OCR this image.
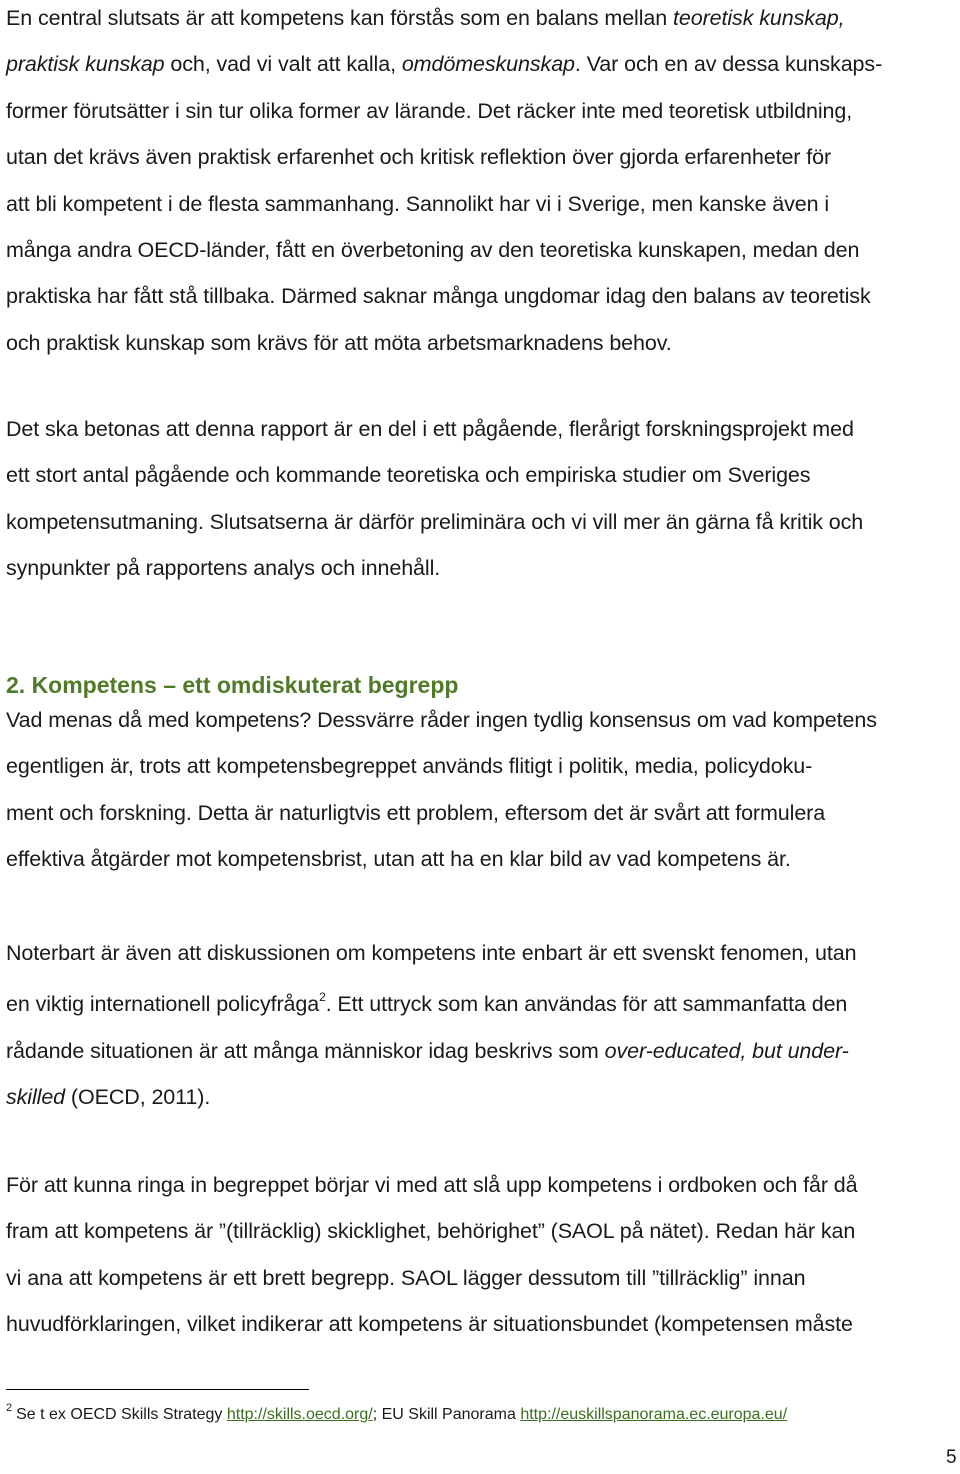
En central slutsats är att kompetens kan förstås som en balans mellan teoretisk kunskap,
praktisk kunskap och, vad vi valt att kalla, omdömeskunskap. Var och en av dessa kunskaps-
former förutsätter i sin tur olika former av lärande. Det räcker inte med teoretisk utbildning,
utan det krävs även praktisk erfarenhet och kritisk reflektion över gjorda erfarenheter för
att bli kompetent i de flesta sammanhang. Sannolikt har vi i Sverige, men kanske även i
många andra OECD-länder, fått en överbetoning av den teoretiska kunskapen, medan den
praktiska har fått stå tillbaka. Därmed saknar många ungdomar idag den balans av teoretisk
och praktisk kunskap som krävs för att möta arbetsmarknadens behov.
Det ska betonas att denna rapport är en del i ett pågående, flerårigt forskningsprojekt med
ett stort antal pågående och kommande teoretiska och empiriska studier om Sveriges
kompetensutmaning. Slutsatserna är därför preliminära och vi vill mer än gärna få kritik och
synpunkter på rapportens analys och innehåll.
2. Kompetens – ett omdiskuterat begrepp
Vad menas då med kompetens? Dessvärre råder ingen tydlig konsensus om vad kompetens
egentligen är, trots att kompetensbegreppet används flitigt i politik, media, policydoku-
ment och forskning. Detta är naturligtvis ett problem, eftersom det är svårt att formulera
effektiva åtgärder mot kompetensbrist, utan att ha en klar bild av vad kompetens är.
Noterbart är även att diskussionen om kompetens inte enbart är ett svenskt fenomen, utan
en viktig internationell policyfråga$^2$. Ett uttryck som kan användas för att sammanfatta den
rådande situationen är att många människor idag beskrivs som over-educated, but under-
skilled (OECD, 2011).
För att kunna ringa in begreppet börjar vi med att slå upp kompetens i ordboken och får då
fram att kompetens är ”(tillräcklig) skicklighet, behörighet” (SAOL på nätet). Redan här kan
vi ana att kompetens är ett brett begrepp. SAOL lägger dessutom till ”tillräcklig” innan
huvudförklaringen, vilket indikerar att kompetens är situationsbundet (kompetensen måste

$^2$ Se t ex OECD Skills Strategy http://skills.oecd.org/; EU Skill Panorama http://euskillspanorama.ec.europa.eu/

5
